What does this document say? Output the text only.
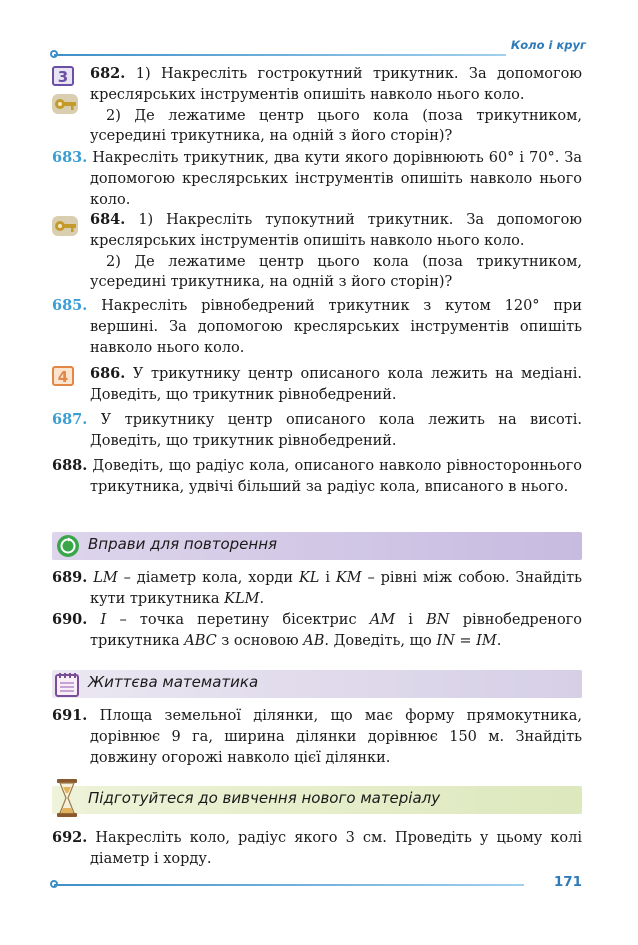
Коло і круг
3	682. 1) Накресліть гострокутний трикутник. За допомогою креслярських інструментів опишіть навколо нього коло.

2) Де лежатиме центр цього кола (поза трикутником, усередині трикутника, на одній з його сторін)?

683. Накресліть трикутник, два кути якого дорівнюють 60° і 70°. За допомогою креслярських інструментів опишіть навколо нього коло.

684. 1) Накресліть тупокутний трикутник. За допомогою креслярських інструментів опишіть навколо нього коло.

2) Де лежатиме центр цього кола (поза трикутником, усередині трикутника, на одній з його сторін)?

685. Накресліть рівнобедрений трикутник з кутом 120° при вершині. За допомогою креслярських інструментів опишіть навколо нього коло.

4	686. У трикутнику центр описаного кола лежить на медіані. Доведіть, що трикутник рівнобедрений.

687. У трикутнику центр описаного кола лежить на висоті. Доведіть, що трикутник рівнобедрений.

688. Доведіть, що радіус кола, описаного навколо рівностороннього трикутника, удвічі більший за радіус кола, вписаного в нього.

Вправи для повторення

689. LM – діаметр кола, хорди KL і KM – рівні між собою. Знайдіть кути трикутника KLM.

690. I – точка перетину бісектрис AM і BN рівнобедреного трикутника ABC з основою AB. Доведіть, що IN = IM.

Життєва математика

691. Площа земельної ділянки, що має форму прямокутника, дорівнює 9 га, ширина ділянки дорівнює 150 м. Знайдіть довжину огорожі навколо цієї ділянки.

Підготуйтеся до вивчення нового матеріалу

692. Накресліть коло, радіус якого 3 см. Проведіть у цьому колі діаметр і хорду.

171
